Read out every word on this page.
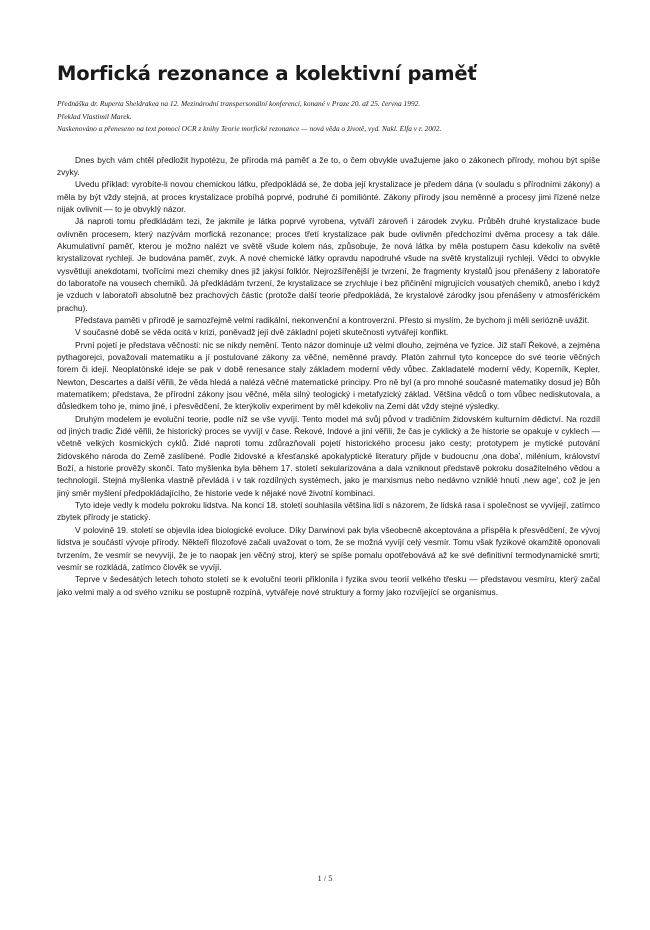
Morfická rezonance a kolektivní paměť

Přednáška dr. Ruperta Sheldrakea na 12. Mezinárodní transpersonální konferenci, konané v Praze 20. až 25. června 1992.

Překlad Vlastimil Marek.

Naskenováno a přeneseno na text pomocí OCR z knihy Teorie morfické rezonance — nová věda o životě, vyd. Nakl. Elfa v r. 2002.

Dnes bych vám chtěl předložit hypotézu, že příroda má paměť a že to, o čem obvykle uvažujeme jako o zákonech přírody, mohou být spíše zvyky.

Uvedu příklad: vyrobíte-li novou chemickou látku, předpokládá se, že doba její krystalizace je předem dána (v souladu s přírodními zákony) a měla by být vždy stejná, at proces krystalizace probíhá poprvé, podruhé či pomiliónté. Zákony přírody jsou neměnné a procesy jimi řízené nelze nijak ovlivnit — to je obvyklý názor.

Já naproti tomu předkládám tezi, že jakmile je látka poprvé vyrobena, vytváří zároveň i zárodek zvyku. Průběh druhé krystalizace bude ovlivněn procesem, který nazývám morfická rezonance; proces třetí krystalizace pak bude ovlivněn předchozími dvěma procesy a tak dále. Akumulativní paměť, kterou je možno nalézt ve světě všude kolem nás, způsobuje, že nová látka by měla postupem času kdekoliv na světě krystalizovat rychleji. Je budována paměť, zvyk. A nové chemické látky opravdu napodruhé všude na světě krystalizují rychleji. Vědci to obvykle vysvětlují anekdotami, tvořícími mezi chemiky dnes již jakýsi folklór. Nejrozšířenější je tvrzení, že fragmenty krystalů jsou přenášeny z laboratoře do laboratoře na vousech chemiků. Já předkládám tvrzení, že krystalizace se zrychluje i bez přičinění migrujících vousatých chemiků, anebo i když je vzduch v laboratoři absolutně bez prachových částic (protože další teorie předpokládá, že krystalové zárodky jsou přenášeny v atmosférickém prachu).

Představa paměti v přírodě je samozřejmě velmi radikální, nekonvenční a kontroverzní. Přesto si myslím, že bychom ji měli seriózně uvážit.

V současné době se věda ocitá v krizi, poněvadž její dvě základní pojetí skutečnosti vytvářejí konflikt.

První pojetí je představa věčnosti: nic se nikdy nemění. Tento názor dominuje už velmi dlouho, zejména ve fyzice. Již staří Řekové, a zejména pythagorejci, považovali matematiku a jí postulované zákony za věčné, neměnné pravdy. Platón zahrnul tyto koncepce do své teorie věčných forem či idejí. Neoplatónské ideje se pak v době renesance staly základem moderní vědy vůbec. Zakladatelé moderní vědy, Koperník, Kepler, Newton, Descartes a další věřili, že věda hledá a nalézá věčné matematické principy. Pro ně byl (a pro mnohé současné matematiky dosud je) Bůh matematikem; představa, že přírodní zákony jsou věčné, měla silný teologický i metafyzický základ. Většina vědců o tom vůbec nediskutovala, a důsledkem toho je, mimo jiné, i přesvědčení, že kterýkoliv experiment by měl kdekoliv na Zemi dát vždy stejné výsledky.

Druhým modelem je evoluční teorie, podle níž se vše vyvíjí. Tento model má svůj původ v tradičním židovském kulturním dědictví. Na rozdíl od jiných tradic Židé věřili, že historický proces se vyvíjí v čase. Řekové, Indové a jiní věřili, že čas je cyklický a že historie se opakuje v cyklech — včetně velkých kosmických cyklů. Židé naproti tomu zdůrazňovali pojetí historického procesu jako cesty; prototypem je mytické putování židovského národa do Země zaslíbené. Podle židovské a křesťanské apokalyptické literatury přijde v budoucnu ‚ona doba', milénium, království Boží, a historie prověžy skončí. Tato myšlenka byla během 17. století sekularizována a dala vzniknout představě pokroku dosažitelného vědou a technologií. Stejná myšlenka vlastně převládá i v tak rozdílných systémech, jako je marxismus nebo nedávno vzniklé hnutí ‚new age', což je jen jiný směr myšlení předpokládajícího, že historie vede k nějaké nové životní kombinaci.

Tyto ideje vedly k modelu pokroku lidstva. Na konci 18. století souhlasila většina lidí s názorem, že lidská rasa i společnost se vyvíjejí, zatímco zbytek přírody je statický.

V polovině 19. století se objevila idea biologické evoluce. Díky Darwinovi pak byla všeobecně akceptována a přispěla k přesvědčení, že vývoj lidstva je součástí vývoje přírody. Někteří filozofové začali uvažovat o tom, že se možná vyvíjí celý vesmír. Tomu však fyzikové okamžitě oponovali tvrzením, že vesmír se nevyvíjí, že je to naopak jen věčný stroj, který se spíše pomalu opotřebovává až ke své definitivní termodynamické smrti; vesmír se rozkládá, zatímco člověk se vyvíjí.

Teprve v šedesátých letech tohoto století se k evoluční teorii přiklonila i fyzika svou teorií velkého třesku — představou vesmíru, který začal jako velmi malý a od svého vzniku se postupně rozpíná, vytvářeje nové struktury a formy jako rozvíjející se organismus.

1 / 5
